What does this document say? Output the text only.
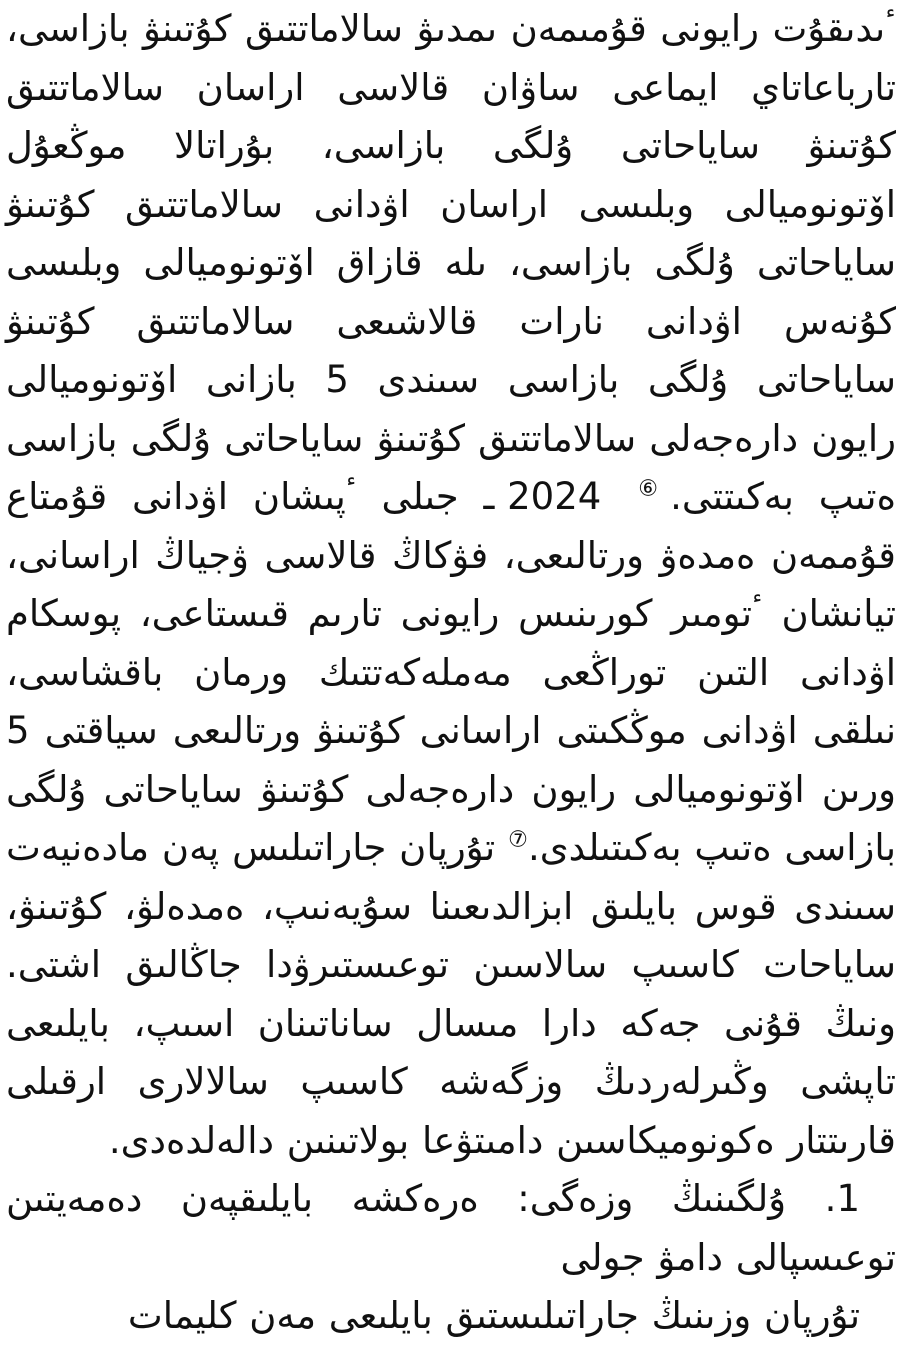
ٴىدىقۇت رايونى قۇمىمەن ىمدىۋ سالاماتتىق كۇتىنۋ بازاسى، تارباعاتاي ايماعى ساۋان قالاسى اراسان سالاماتتىق كۇتىنۋ ساياحاتى ۇلگى بازاسى، بۇراتالا موڭعۇل اۆتونوميالى وبلىسى اراسان اۋدانى سالاماتتىق كۇتىنۋ ساياحاتى ۇلگى بازاسى، ىلە قازاق اۆتونوميالى وبلىسى كۇنەس اۋدانى نارات قالاشىعى سالاماتتىق كۇتىنۋ ساياحاتى ۇلگى بازاسى سىندى 5 بازانى اۆتونوميالى رايون دارەجەلى سالاماتتىق كۇتىنۋ ساياحاتى ۇلگى بازاسى ەتىپ بەكىتتى.⑥ 2024 ـ جىلى ٴپىشان اۋدانى قۇمتاع قۇممەن ەمدەۋ ورتالىعى، فۋكاڭ قالاسى ۋجياڭ اراسانى، تيانشان ٴتومىر كورىنىس رايونى تارىم قىستاعى، پوسكام اۋدانى التىن توراڭعى مەملەكەتتىك ورمان باقشاسى، نىلقى اۋدانى موڭكىتى اراسانى كۇتىنۋ ورتالىعى سياقتى 5 ورىن اۆتونوميالى رايون دارەجەلى كۇتىنۋ ساياحاتى ۇلگى بازاسى ەتىپ بەكىتىلدى.⑦ تۇرپان جاراتىلىس پەن مادەنيەت سىندى قوس بايلىق ابزالدىعىنا سۇيەنىپ، ەمدەلۋ، كۇتىنۋ، ساياحات كاسىپ سالاسىن توعىستىرۋدا جاڭالىق اشتى. ونىڭ قۇنى جەكە دارا مىسال ساناتىنان اسىپ، بايلىعى تاپشى وڭىرلەردىڭ وزگەشە كاسىپ سالالارى ارقىلى قارىتتار ەكونوميكاسىن دامىتۋعا بولاتىنىن دالەلدەدى.

1. ۇلگىنىڭ وزەگى: ەرەكشە بايلىقپەن دەمەيتىن توعىسپالى دامۋ جولى

تۇرپان وزىنىڭ جاراتىلىستىق بايلىعى مەن كليمات
